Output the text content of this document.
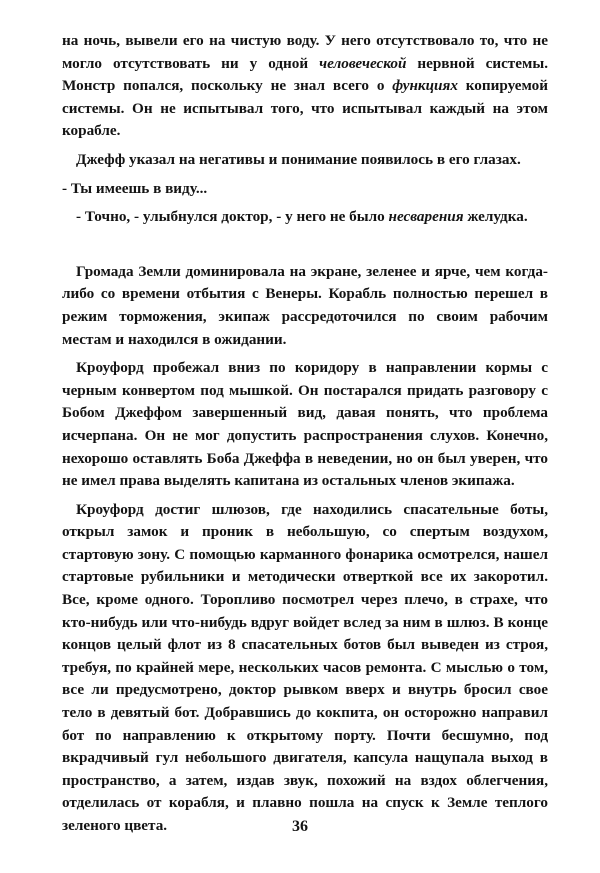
на ночь, вывели его на чистую воду. У него отсутствовало то, что не могло отсутствовать ни у одной человеческой нервной системы. Монстр попался, поскольку не знал всего о функциях копируемой системы. Он не испытывал того, что испытывал каждый на этом корабле.

Джефф указал на негативы и понимание появилось в его глазах.

- Ты имеешь в виду...

- Точно, - улыбнулся доктор, - у него не было несварения желудка.

Громада Земли доминировала на экране, зеленее и ярче, чем когда-либо со времени отбытия с Венеры. Корабль полностью перешел в режим торможения, экипаж рассредоточился по своим рабочим местам и находился в ожидании.

Кроуфорд пробежал вниз по коридору в направлении кормы с черным конвертом под мышкой. Он постарался придать разговору с Бобом Джеффом завершенный вид, давая понять, что проблема исчерпана. Он не мог допустить распространения слухов. Конечно, нехорошо оставлять Боба Джеффа в неведении, но он был уверен, что не имел права выделять капитана из остальных членов экипажа.

Кроуфорд достиг шлюзов, где находились спасательные боты, открыл замок и проник в небольшую, со спертым воздухом, стартовую зону. С помощью карманного фонарика осмотрелся, нашел стартовые рубильники и методически отверткой все их закоротил. Все, кроме одного. Торопливо посмотрел через плечо, в страхе, что кто-нибудь или что-нибудь вдруг войдет вслед за ним в шлюз. В конце концов целый флот из 8 спасательных ботов был выведен из строя, требуя, по крайней мере, нескольких часов ремонта. С мыслью о том, все ли предусмотрено, доктор рывком вверх и внутрь бросил свое тело в девятый бот. Добравшись до кокпита, он осторожно направил бот по направлению к открытому порту. Почти бесшумно, под вкрадчивый гул небольшого двигателя, капсула нащупала выход в пространство, а затем, издав звук, похожий на вздох облегчения, отделилась от корабля, и плавно пошла на спуск к Земле теплого зеленого цвета.	36
